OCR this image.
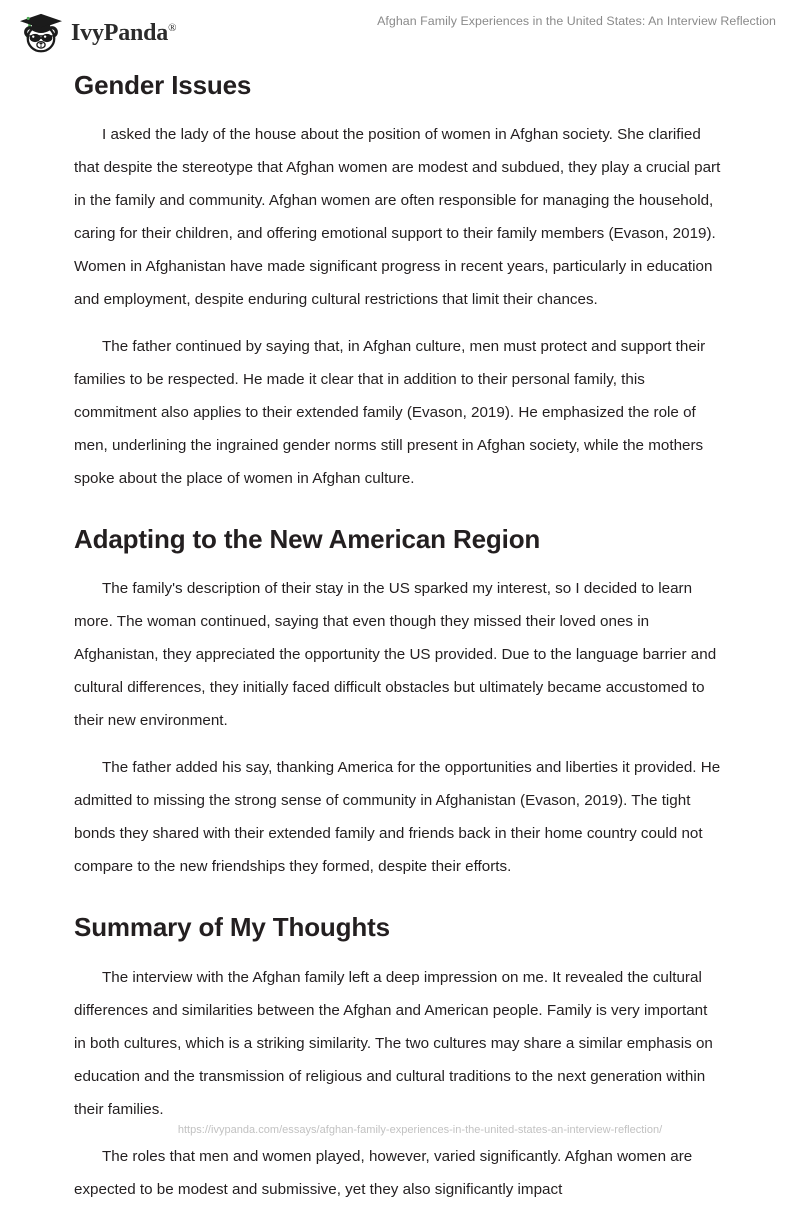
IvyPanda®	Afghan Family Experiences in the United States: An Interview Reflection
Gender Issues

I asked the lady of the house about the position of women in Afghan society. She clarified that despite the stereotype that Afghan women are modest and subdued, they play a crucial part in the family and community. Afghan women are often responsible for managing the household, caring for their children, and offering emotional support to their family members (Evason, 2019). Women in Afghanistan have made significant progress in recent years, particularly in education and employment, despite enduring cultural restrictions that limit their chances.

The father continued by saying that, in Afghan culture, men must protect and support their families to be respected. He made it clear that in addition to their personal family, this commitment also applies to their extended family (Evason, 2019). He emphasized the role of men, underlining the ingrained gender norms still present in Afghan society, while the mothers spoke about the place of women in Afghan culture.

Adapting to the New American Region

The family's description of their stay in the US sparked my interest, so I decided to learn more. The woman continued, saying that even though they missed their loved ones in Afghanistan, they appreciated the opportunity the US provided. Due to the language barrier and cultural differences, they initially faced difficult obstacles but ultimately became accustomed to their new environment.

The father added his say, thanking America for the opportunities and liberties it provided. He admitted to missing the strong sense of community in Afghanistan (Evason, 2019). The tight bonds they shared with their extended family and friends back in their home country could not compare to the new friendships they formed, despite their efforts.

Summary of My Thoughts

The interview with the Afghan family left a deep impression on me. It revealed the cultural differences and similarities between the Afghan and American people. Family is very important in both cultures, which is a striking similarity. The two cultures may share a similar emphasis on education and the transmission of religious and cultural traditions to the next generation within their families.

The roles that men and women played, however, varied significantly. Afghan women are expected to be modest and submissive, yet they also significantly impact

https://ivypanda.com/essays/afghan-family-experiences-in-the-united-states-an-interview-reflection/
